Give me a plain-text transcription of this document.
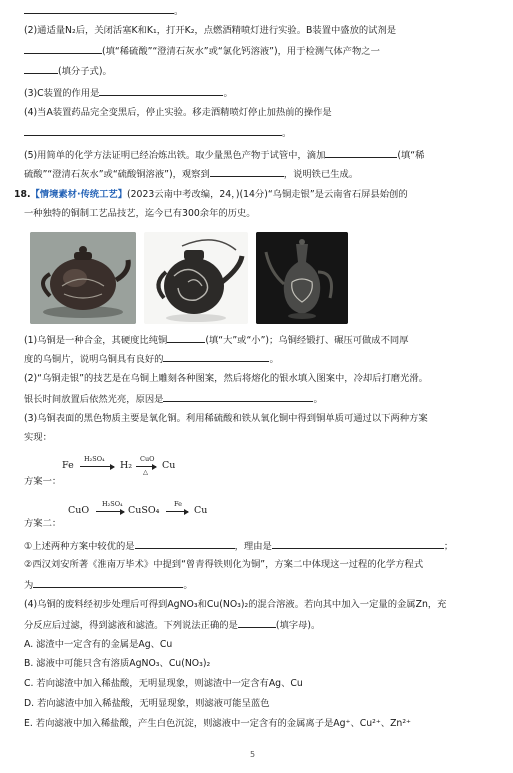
。
(2)通适量N₂后，关闭活塞K和K₁，打开K₂，点燃酒精喷灯进行实验。B装置中盛放的试剂是
(填“稀硫酸”“澄清石灰水”或“氯化钙溶液”)，用于检测气体产物之一
(填分子式)。
(3)C装置的作用是	。
(4)当A装置药品完全变黑后，停止实验。移走酒精喷灯停止加热前的操作是
。
(5)用简单的化学方法证明已经冶炼出铁。取少量黑色产物于试管中，滴加	(填“稀
硫酸”“澄清石灰水”或“硫酸铜溶液”)，观察到	，说明铁已生成。
18.【情境素材·传统工艺】(2023云南中考改编，24，)(14分)“乌铜走银”是云南省石屏县始创的
一种独特的铜制工艺品技艺，迄今已有300余年的历史。
(1)乌铜是一种合金，其硬度比纯铜	(填“大”或“小”)；乌铜经锻打、碾压可做成不同厚
度的乌铜片，说明乌铜具有良好的	。
(2)“乌铜走银”的技艺是在乌铜上雕刻各种图案，然后将熔化的银水填入图案中，冷却后打磨光滑。
银长时间放置后依然光亮，原因是	。
(3)乌铜表面的黑色物质主要是氧化铜。利用稀硫酸和铁从氧化铜中得到铜单质可通过以下两种方案
实现：
Fe
H₂SO₄
H₂
CuO
△
Cu
方案一：
CuO
H₂SO₄
CuSO₄
Fe
Cu
方案二：
①上述两种方案中较优的是	，理由是	；
②西汉刘安所著《淮南万毕术》中提到“曾青得铁则化为铜”，方案二中体现这一过程的化学方程式
为	。
(4)乌铜的废料经初步处理后可得到AgNO₃和Cu(NO₃)₂的混合溶液。若向其中加入一定量的金属Zn，充
分反应后过滤，得到滤液和滤渣。下列说法正确的是	(填字母)。
A. 滤渣中一定含有的金属是Ag、Cu
B. 滤液中可能只含有溶质AgNO₃、Cu(NO₃)₂
C. 若向滤渣中加入稀盐酸，无明显现象，则滤渣中一定含有Ag、Cu
D. 若向滤渣中加入稀盐酸，无明显现象，则滤液可能呈蓝色
E. 若向滤液中加入稀盐酸，产生白色沉淀，则滤液中一定含有的金属离子是Ag⁺、Cu²⁺、Zn²⁺
5
